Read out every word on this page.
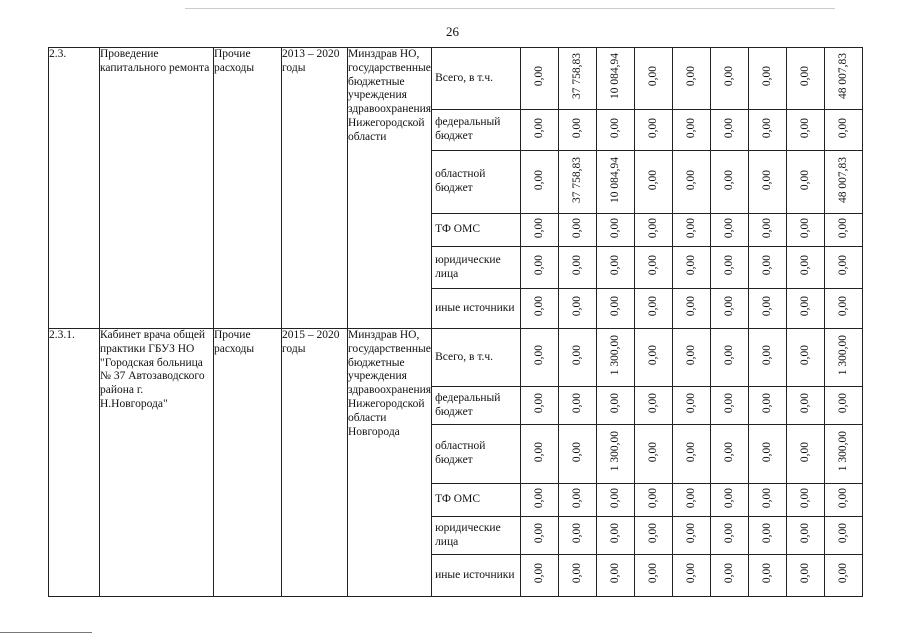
26
2.3.	Проведение капитального ремонта	Прочие расходы	2013 – 2020 годы	Минздрав НО, государственные бюджетные учреждения здравоохранения Нижегородской области	Всего, в т.ч.	0,00	37 758,83	10 084,94	0,00	0,00	0,00	0,00	0,00	48 007,83
					федеральный бюджет	0,00	0,00	0,00	0,00	0,00	0,00	0,00	0,00	0,00
					областной бюджет	0,00	37 758,83	10 084,94	0,00	0,00	0,00	0,00	0,00	48 007,83
					ТФ ОМС	0,00	0,00	0,00	0,00	0,00	0,00	0,00	0,00	0,00
					юридические лица	0,00	0,00	0,00	0,00	0,00	0,00	0,00	0,00	0,00
					иные источники	0,00	0,00	0,00	0,00	0,00	0,00	0,00	0,00	0,00
2.3.1.	Кабинет врача общей практики ГБУЗ НО "Городская больница № 37 Автозаводского района г. Н.Новгорода"	Прочие расходы	2015 – 2020 годы	Минздрав НО, государственные бюджетные учреждения здравоохранения Нижегородской области Новгорода	Всего, в т.ч.	0,00	0,00	1 300,00	0,00	0,00	0,00	0,00	0,00	1 300,00
					федеральный бюджет	0,00	0,00	0,00	0,00	0,00	0,00	0,00	0,00	0,00
					областной бюджет	0,00	0,00	1 300,00	0,00	0,00	0,00	0,00	0,00	1 300,00
					ТФ ОМС	0,00	0,00	0,00	0,00	0,00	0,00	0,00	0,00	0,00
					юридические лица	0,00	0,00	0,00	0,00	0,00	0,00	0,00	0,00	0,00
					иные источники	0,00	0,00	0,00	0,00	0,00	0,00	0,00	0,00	0,00
